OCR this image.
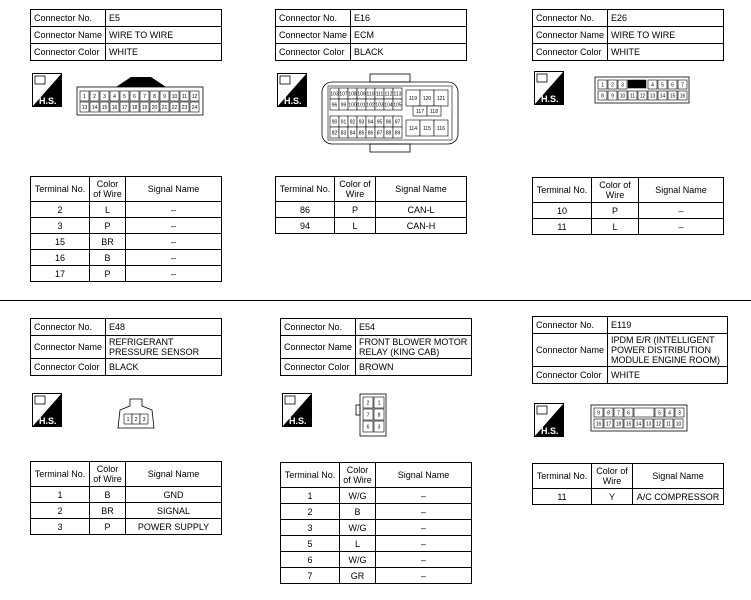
Connector No.	E5
Connector Name	WIRE TO WIRE
Connector Color	WHITE
H.S.	1 2 3 4 5 6 7 8 9 10 11 12
13 14 15 16 17 18 19 20 21 22 23 24
Connector No.	E16
Connector Name	ECM
Connector Color	BLACK
H.S.
103 107 108 109 110 111 112 113
96 99 100 101 102 103 104 105
90 91 92 93 94 95 96 97
82 83 84 85 86 87 88 89
119 120 121
117 118
114 115 116
Connector No.	E26
Connector Name	WIRE TO WIRE
Connector Color	WHITE
H.S.
1 2 3	4 5 6 7
8 9 10 11 12 13 14 15 16
Terminal No.	Color of Wire	Signal Name
2	L	–
3	P	–
15	BR	–
16	B	–
17	P	–
Terminal No.	Color of Wire	Signal Name
86	P	CAN-L
94	L	CAN-H
Terminal No.	Color of Wire	Signal Name
10	P	–
11	L	–
Connector No.	E48
Connector Name	REFRIGERANT PRESSURE SENSOR
Connector Color	BLACK
H.S.	1 2 3
Connector No.	E54
Connector Name	FRONT BLOWER MOTOR RELAY (KING CAB)
Connector Color	BROWN
H.S.
2 1
7 8
6 3
Connector No.	E119
Connector Name	IPDM E/R (INTELLIGENT POWER DISTRIBUTION MODULE ENGINE ROOM)
Connector Color	WHITE
H.S.
9 8 7 6	5 4 3
16 17 18 15 14 13 12 11 10
Terminal No.	Color of Wire	Signal Name
1	B	GND
2	BR	SIGNAL
3	P	POWER SUPPLY
Terminal No.	Color of Wire	Signal Name
1	W/G	–
2	B	–
3	W/G	–
5	L	–
6	W/G	–
7	GR	–
Terminal No.	Color of Wire	Signal Name
11	Y	A/C COMPRESSOR
